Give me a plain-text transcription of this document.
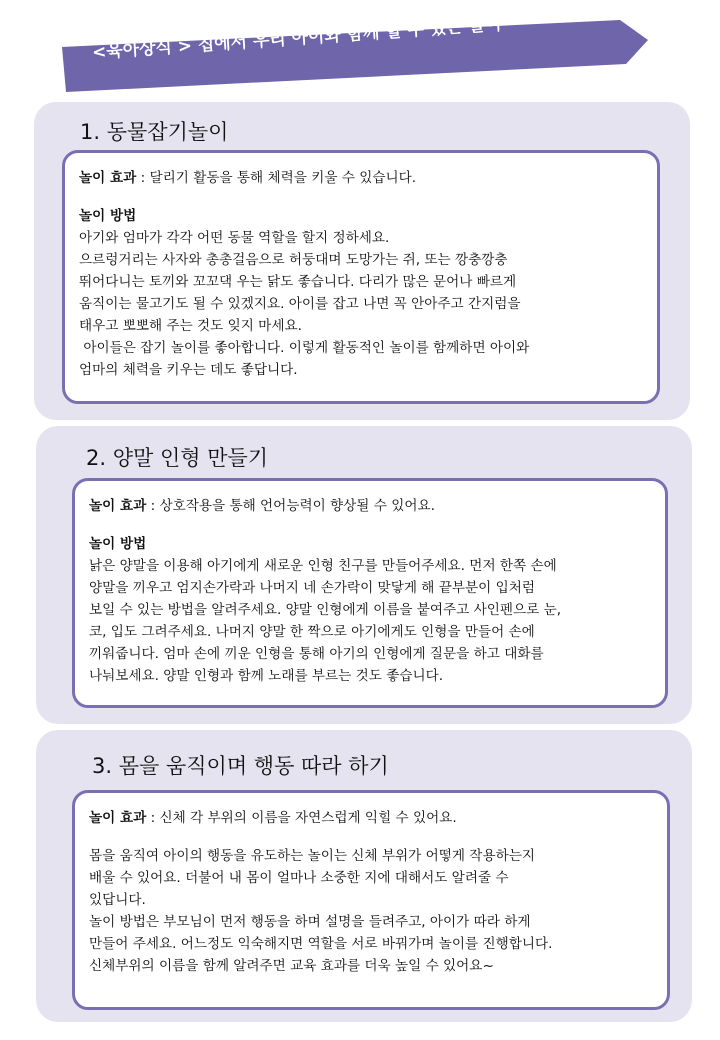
<육아상식 > 집에서 우리 아이와 함께 할 수 있는 놀이
1. 동물잡기놀이
놀이 효과 : 달리기 활동을 통해 체력을 키울 수 있습니다.
놀이 방법
아기와 엄마가 각각 어떤 동물 역할을 할지 정하세요.
으르렁거리는 사자와 총총걸음으로 허둥대며 도망가는 쥐, 또는 깡충깡충
뛰어다니는 토끼와 꼬꼬댁 우는 닭도 좋습니다. 다리가 많은 문어나 빠르게
움직이는 물고기도 될 수 있겠지요. 아이를 잡고 나면 꼭 안아주고 간지럼을
태우고 뽀뽀해 주는 것도 잊지 마세요.
아이들은 잡기 놀이를 좋아합니다. 이렇게 활동적인 놀이를 함께하면 아이와
엄마의 체력을 키우는 데도 좋답니다.
2. 양말 인형 만들기
놀이 효과 : 상호작용을 통해 언어능력이 향상될 수 있어요.
놀이 방법
낡은 양말을 이용해 아기에게 새로운 인형 친구를 만들어주세요. 먼저 한쪽 손에
양말을 끼우고 엄지손가락과 나머지 네 손가락이 맞닿게 해 끝부분이 입처럼
보일 수 있는 방법을 알려주세요. 양말 인형에게 이름을 붙여주고 사인펜으로 눈,
코, 입도 그려주세요. 나머지 양말 한 짝으로 아기에게도 인형을 만들어 손에
끼워줍니다. 엄마 손에 끼운 인형을 통해 아기의 인형에게 질문을 하고 대화를
나눠보세요. 양말 인형과 함께 노래를 부르는 것도 좋습니다.
3. 몸을 움직이며 행동 따라 하기
놀이 효과 : 신체 각 부위의 이름을 자연스럽게 익힐 수 있어요.
몸을 움직여 아이의 행동을 유도하는 놀이는 신체 부위가 어떻게 작용하는지
배울 수 있어요. 더불어 내 몸이 얼마나 소중한 지에 대해서도 알려줄 수
있답니다.
놀이 방법은 부모님이 먼저 행동을 하며 설명을 들려주고, 아이가 따라 하게
만들어 주세요. 어느정도 익숙해지면 역할을 서로 바꿔가며 놀이를 진행합니다.
신체부위의 이름을 함께 알려주면 교육 효과를 더욱 높일 수 있어요~
